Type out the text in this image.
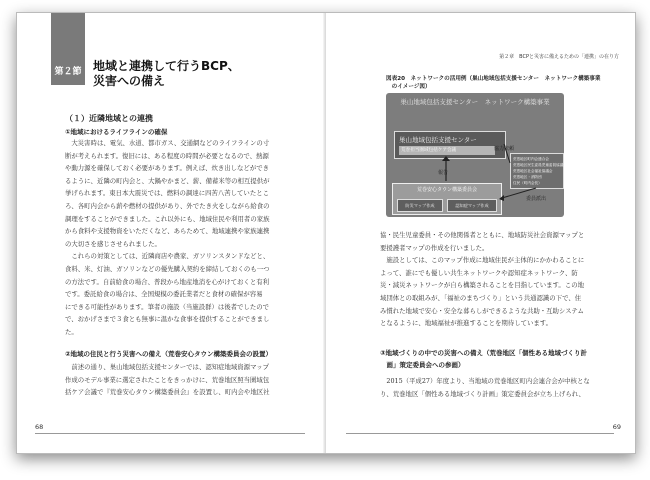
第２節 地域と連携して行うBCP、
災害への備え
（１）近隣地域との連携
①地域におけるライフラインの確保
　大災害時は、電気、水道、都市ガス、交通網などのライフラインの寸
断が考えられます。復旧には、ある程度の時間が必要となるので、熱源
や動力源を確保しておく必要があります。例えば、炊き出しなどができ
るように、近隣の町内会と、大鍋やかまど、薪、備蓄米等の相互提供が
挙げられます。東日本大震災では、燃料の調達に四苦八苦していたとこ
ろ、各町内会から薪や燃材の提供があり、外でたき火をしながら給食の
調理をすることができました。これ以外にも、地域住民や利用者の家族
から食料や支援物資をいただくなど、あらためて、地域連携や家族連携
の大切さを感じさせられました。
　これらの対策としては、近隣商店や農家、ガソリンスタンドなどと、
食料、米、灯油、ガソリンなどの優先購入契約を締結しておくのも一つ
の方法です。自前給食の場合、普段から地産地消を心がけておくと有利
です。委託給食の場合は、全国規模の委託業者だと食材の確保が容易
にできる可能性があります。筆者の施設（当施設群）は後者でしたので
で、おかげさまで３食とも無事に温かな食事を提供することができまし
た。
②地域の住民と行う災害への備え（荒巻安心タウン構築委員会の設置）
　前述の通り、巣山地域包括支援センターでは、認知症地域資源マップ
作成のモデル事業に選定されたことをきっかけに、荒巻地区照当圏域包
括ケア会議で『荒巻安心タウン構築委員会』を設置し、町内会や地区社
68
第２章　BCPと災害に備えるための「連携」の在り方
図表20　ネットワークの活用例（巣山地域包括支援センター　ネットワーク構築事業
　のイメージ図）
巣山地域包括支援センター　ネットワーク構築事業
巣山地域包括支援センター
荒巻担当圏域包括ケア会議
荒巻安心タウン構築委員会
防災マップ作成	認知症マップ作成
荒巻地区町内会連合会
荒巻地区民生委員児童委員協議会
荒巻地区社会福祉協議会
荒巻地区・消防団
住民（町内会長）
協力依頼
報告
委員派出
協・民生児童委員・その他関係者とともに、地域防災社会資源マップと
要援護者マップの作成を行いました。
　施設としては、このマップ作成に地域住民が主体的にかかわることに
よって、誰にでも優しい共生ネットワークや認知症ネットワーク、防
災・減災ネットワークが自ら構築されることを目指しています。この地
域団体との取組みが、「福祉のまちづくり」という共通認識の下で、住
み慣れた地域で安心・安全な暮らしができるような共助・互助システム
となるように、地域福祉が推進することを期待しています。
③地域づくりの中での災害への備え（荒巻地区「個性ある地域づくり計
　画」策定委員会への参画）
　2015（平成27）年度より、当地域の荒巻地区町内会連合会が中核とな
り、荒巻地区「個性ある地域づくり計画」策定委員会が立ち上げられ、
69
